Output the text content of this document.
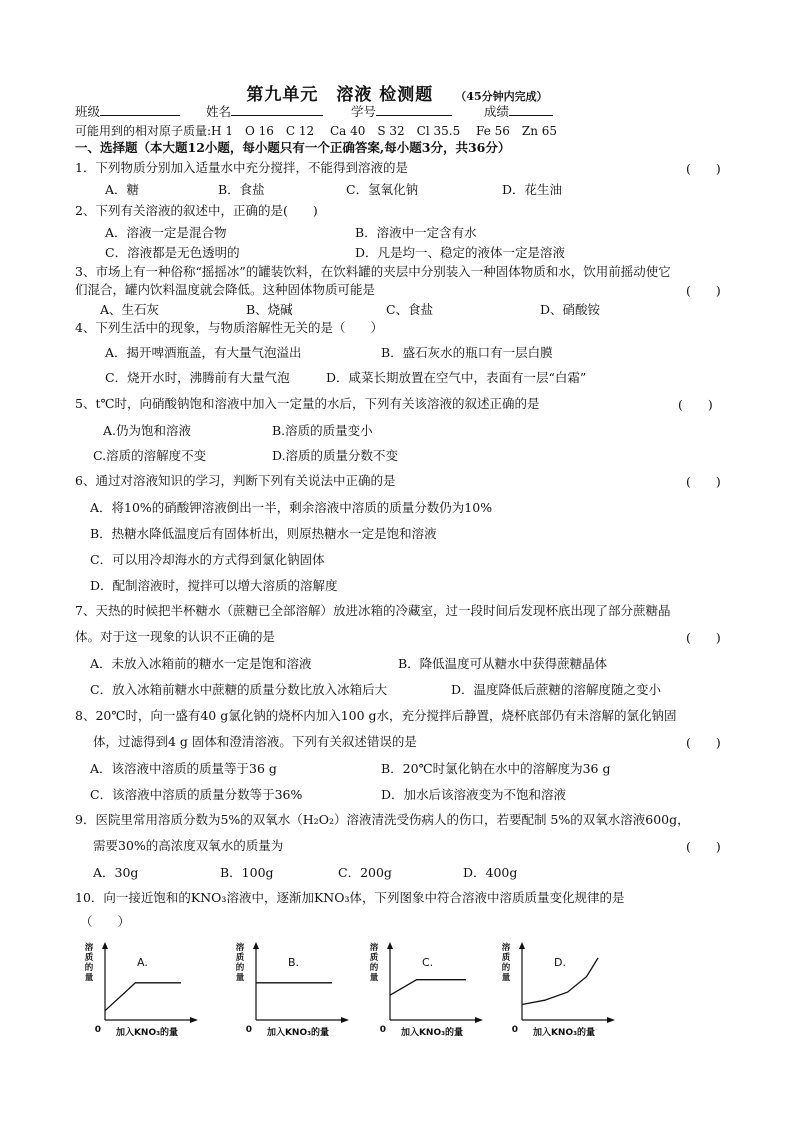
第九单元　溶液 检测题 （45分钟内完成）
班级	姓名	学号	成绩
可能用到的相对原子质量:H 1　O 16　C 12　 Ca 40　S 32　Cl 35.5　 Fe 56　Zn 65
一、选择题（本大题12小题，每小题只有一个正确答案,每小题3分，共36分）
1．下列物质分别加入适量水中充分搅拌，不能得到溶液的是	(　　)
A．糖	B．食盐	C．氢氧化钠	D．花生油
2、下列有关溶液的叙述中，正确的是(　　)
A．溶液一定是混合物	B．溶液中一定含有水
C．溶液都是无色透明的	D．凡是均一、稳定的液体一定是溶液
3、市场上有一种俗称“摇摇冰”的罐装饮料，在饮料罐的夹层中分别装入一种固体物质和水，饮用前摇动使它
们混合，罐内饮料温度就会降低。这种固体物质可能是	(　　)
A、生石灰	B、烧碱	C、食盐	D、硝酸铵
4、下列生活中的现象，与物质溶解性无关的是（　　）
A．揭开啤酒瓶盖，有大量气泡溢出	B．盛石灰水的瓶口有一层白膜
C．烧开水时，沸腾前有大量气泡	D．咸菜长期放置在空气中，表面有一层“白霜”
5、t℃时，向硝酸钠饱和溶液中加入一定量的水后，下列有关该溶液的叙述正确的是	(　　)
A.仍为饱和溶液	B.溶质的质量变小
C.溶质的溶解度不变	D.溶质的质量分数不变
6、通过对溶液知识的学习，判断下列有关说法中正确的是	(　　)
A．将10%的硝酸钾溶液倒出一半，剩余溶液中溶质的质量分数仍为10%
B．热糖水降低温度后有固体析出，则原热糖水一定是饱和溶液
C．可以用冷却海水的方式得到氯化钠固体
D．配制溶液时，搅拌可以增大溶质的溶解度
7、天热的时候把半杯糖水（蔗糖已全部溶解）放进冰箱的冷藏室，过一段时间后发现杯底出现了部分蔗糖晶
体。对于这一现象的认识不正确的是	(　　)
A．未放入冰箱前的糖水一定是饱和溶液	B．降低温度可从糖水中获得蔗糖晶体
C．放入冰箱前糖水中蔗糖的质量分数比放入冰箱后大	D．温度降低后蔗糖的溶解度随之变小
8、20℃时，向一盛有40 g氯化钠的烧杯内加入100 g水，充分搅拌后静置，烧杯底部仍有未溶解的氯化钠固
体，过滤得到4 g 固体和澄清溶液。下列有关叙述错误的是	(　　)
A．该溶液中溶质的质量等于36 g	B．20℃时氯化钠在水中的溶解度为36 g
C．该溶液中溶质的质量分数等于36%	D．加水后该溶液变为不饱和溶液
9．医院里常用溶质分数为5%的双氧水（H₂O₂）溶液清洗受伤病人的伤口，若要配制 5%的双氧水溶液600g，
需要30%的高浓度双氧水的质量为	(　　)
A．30g	B．100g	C．200g	D．400g
10．向一接近饱和的KNO₃溶液中，逐渐加KNO₃体，下列图象中符合溶液中溶质质量变化规律的是
（　　）
溶
质
的
量
0 加入KNO₃的量
A.
溶
质
的
量
0 加入KNO₃的量
B.
溶
质
的
量
0 加入KNO₃的量
C.
溶
质
的
量
0 加入KNO₃的量
D.
